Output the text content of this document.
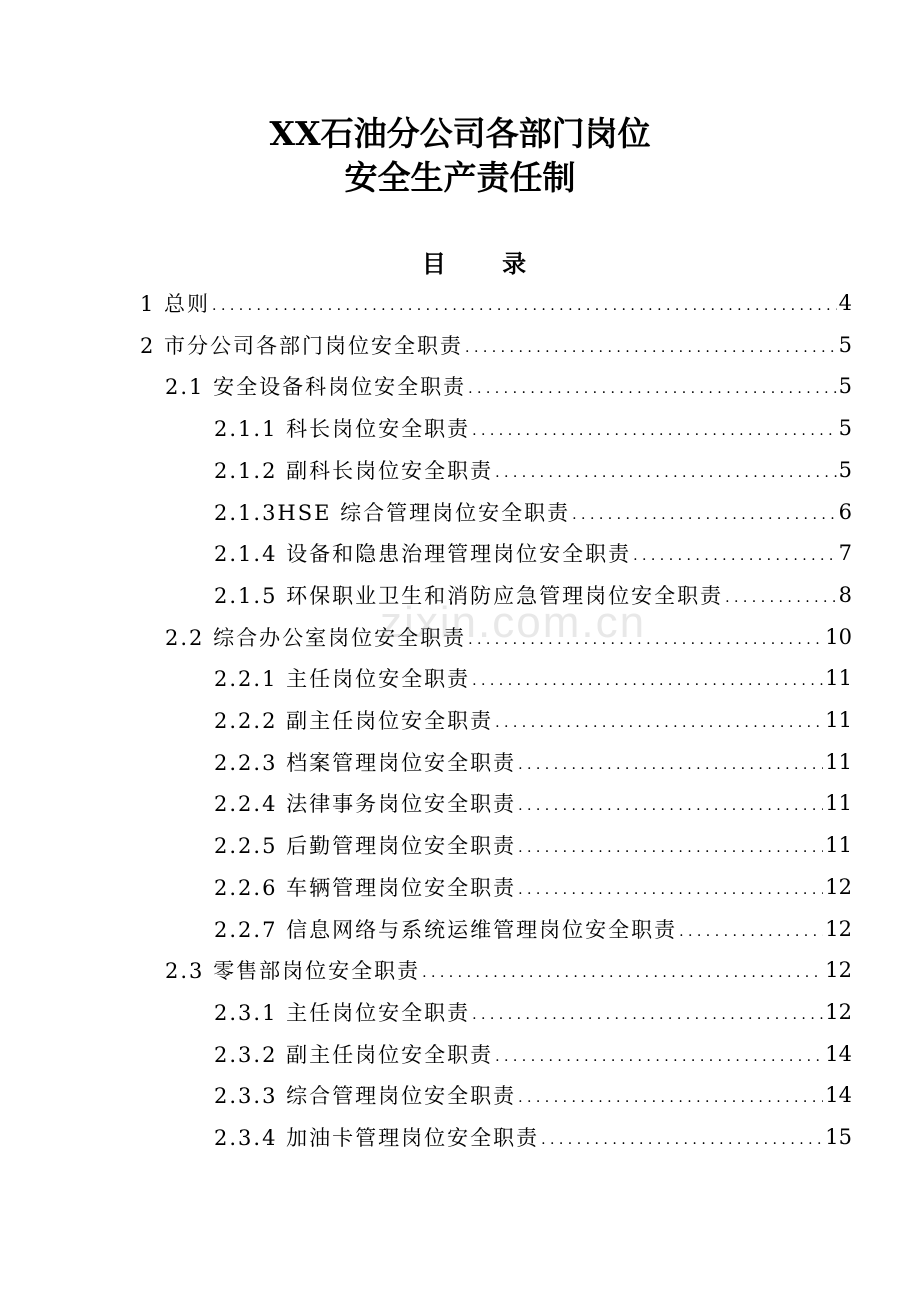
XX石油分公司各部门岗位
安全生产责任制
目 录
1 总则 . . .	4
2 市分公司各部门岗位安全职责 . . .	5
2.1 安全设备科岗位安全职责 . . .	5
2.1.1 科长岗位安全职责 . . .	5
2.1.2 副科长岗位安全职责 . . .	5
2.1.3HSE 综合管理岗位安全职责 . . .	6
2.1.4 设备和隐患治理管理岗位安全职责 . . .	7
2.1.5 环保职业卫生和消防应急管理岗位安全职责 . . .	8
2.2 综合办公室岗位安全职责 . . .	10
2.2.1 主任岗位安全职责 . . .	11
2.2.2 副主任岗位安全职责 . . .	11
2.2.3 档案管理岗位安全职责 . . .	11
2.2.4 法律事务岗位安全职责 . . .	11
2.2.5 后勤管理岗位安全职责 . . .	11
2.2.6 车辆管理岗位安全职责 . . .	12
2.2.7 信息网络与系统运维管理岗位安全职责 . . .	12
2.3 零售部岗位安全职责 . . .	12
2.3.1 主任岗位安全职责 . . .	12
2.3.2 副主任岗位安全职责 . . .	14
2.3.3 综合管理岗位安全职责 . . .	14
2.3.4 加油卡管理岗位安全职责 . . .	15
zixin.com.cn
